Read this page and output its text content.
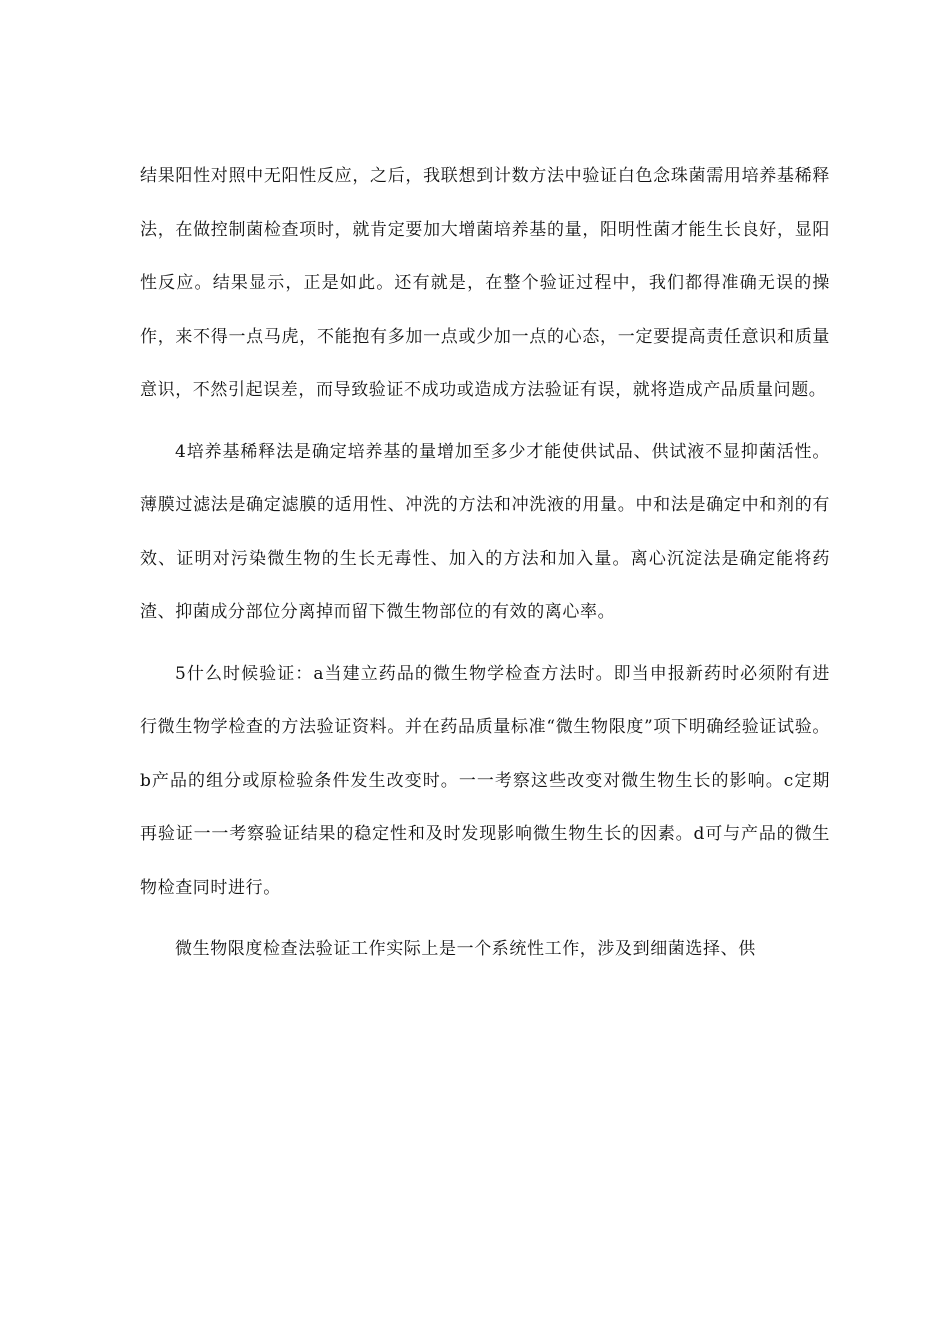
结果阳性对照中无阳性反应，之后，我联想到计数方法中验证白色念珠菌需用培养基稀释法，在做控制菌检查项时，就肯定要加大增菌培养基的量，阳明性菌才能生长良好，显阳性反应。结果显示，正是如此。还有就是，在整个验证过程中，我们都得准确无误的操作，来不得一点马虎，不能抱有多加一点或少加一点的心态，一定要提高责任意识和质量意识，不然引起误差，而导致验证不成功或造成方法验证有误，就将造成产品质量问题。

4培养基稀释法是确定培养基的量增加至多少才能使供试品、供试液不显抑菌活性。薄膜过滤法是确定滤膜的适用性、冲洗的方法和冲洗液的用量。中和法是确定中和剂的有效、证明对污染微生物的生长无毒性、加入的方法和加入量。离心沉淀法是确定能将药渣、抑菌成分部位分离掉而留下微生物部位的有效的离心率。

5什么时候验证：a当建立药品的微生物学检查方法时。即当申报新药时必须附有进行微生物学检查的方法验证资料。并在药品质量标准“微生物限度”项下明确经验证试验。b产品的组分或原检验条件发生改变时。一一考察这些改变对微生物生长的影响。c定期再验证一一考察验证结果的稳定性和及时发现影响微生物生长的因素。d可与产品的微生物检查同时进行。

微生物限度检查法验证工作实际上是一个系统性工作，涉及到细菌选择、供
